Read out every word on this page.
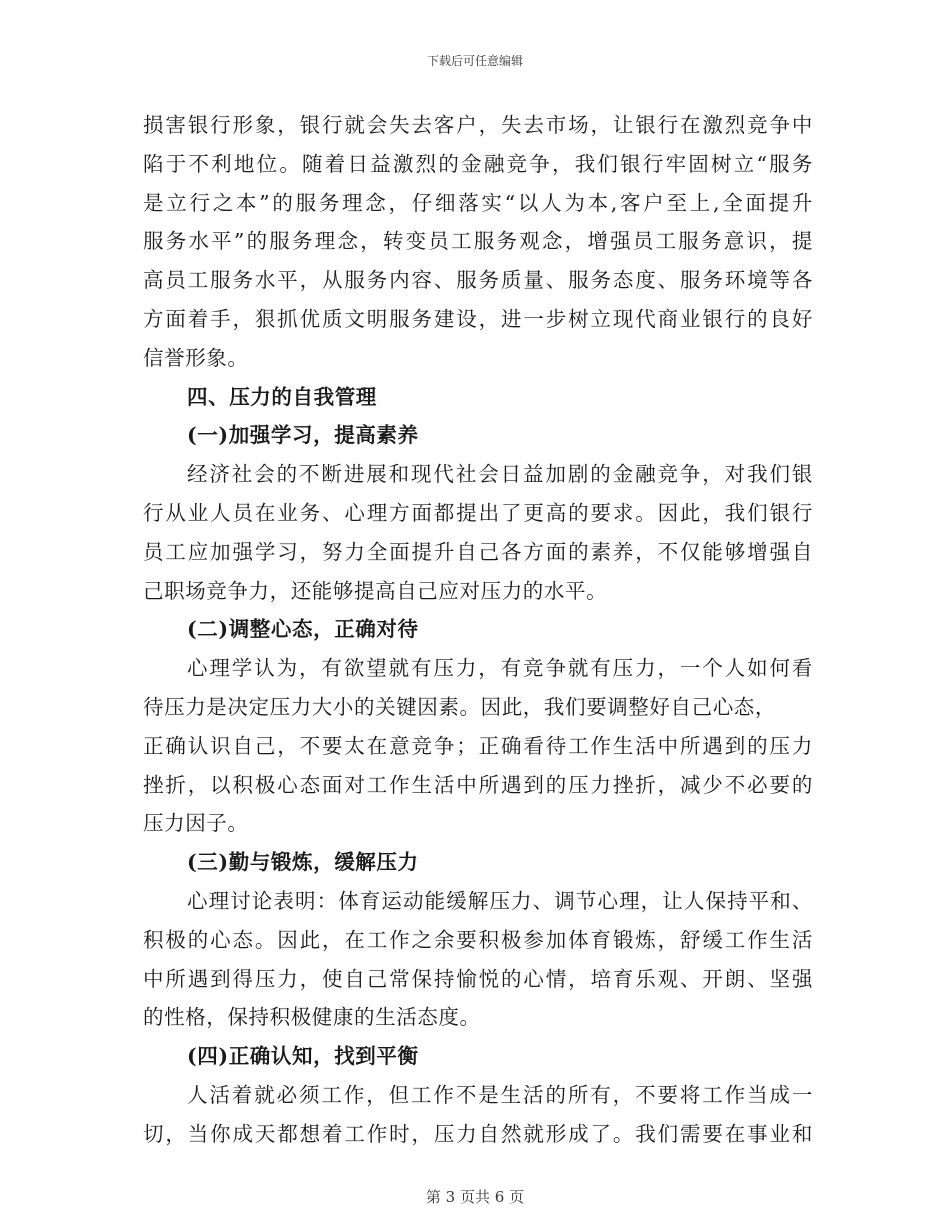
下载后可任意编辑
损害银行形象，银行就会失去客户，失去市场，让银行在激烈竞争中
陷于不利地位。随着日益激烈的金融竞争，我们银行牢固树立“服务
是立行之本”的服务理念，仔细落实“以人为本,客户至上,全面提升
服务水平”的服务理念，转变员工服务观念，增强员工服务意识，提
高员工服务水平，从服务内容、服务质量、服务态度、服务环境等各
方面着手，狠抓优质文明服务建设，进一步树立现代商业银行的良好
信誉形象。
四、压力的自我管理
(一)加强学习，提高素养
经济社会的不断进展和现代社会日益加剧的金融竞争，对我们银
行从业人员在业务、心理方面都提出了更高的要求。因此，我们银行
员工应加强学习，努力全面提升自己各方面的素养，不仅能够增强自
己职场竞争力，还能够提高自己应对压力的水平。
(二)调整心态，正确对待
心理学认为，有欲望就有压力，有竞争就有压力，一个人如何看
待压力是决定压力大小的关键因素。因此，我们要调整好自己心态，
正确认识自己，不要太在意竞争；正确看待工作生活中所遇到的压力
挫折，以积极心态面对工作生活中所遇到的压力挫折，减少不必要的
压力因子。
(三)勤与锻炼，缓解压力
心理讨论表明：体育运动能缓解压力、调节心理，让人保持平和、
积极的心态。因此，在工作之余要积极参加体育锻炼，舒缓工作生活
中所遇到得压力，使自己常保持愉悦的心情，培育乐观、开朗、坚强
的性格，保持积极健康的生活态度。
(四)正确认知，找到平衡
人活着就必须工作，但工作不是生活的所有，不要将工作当成一
切，当你成天都想着工作时，压力自然就形成了。我们需要在事业和
第 3 页共 6 页
